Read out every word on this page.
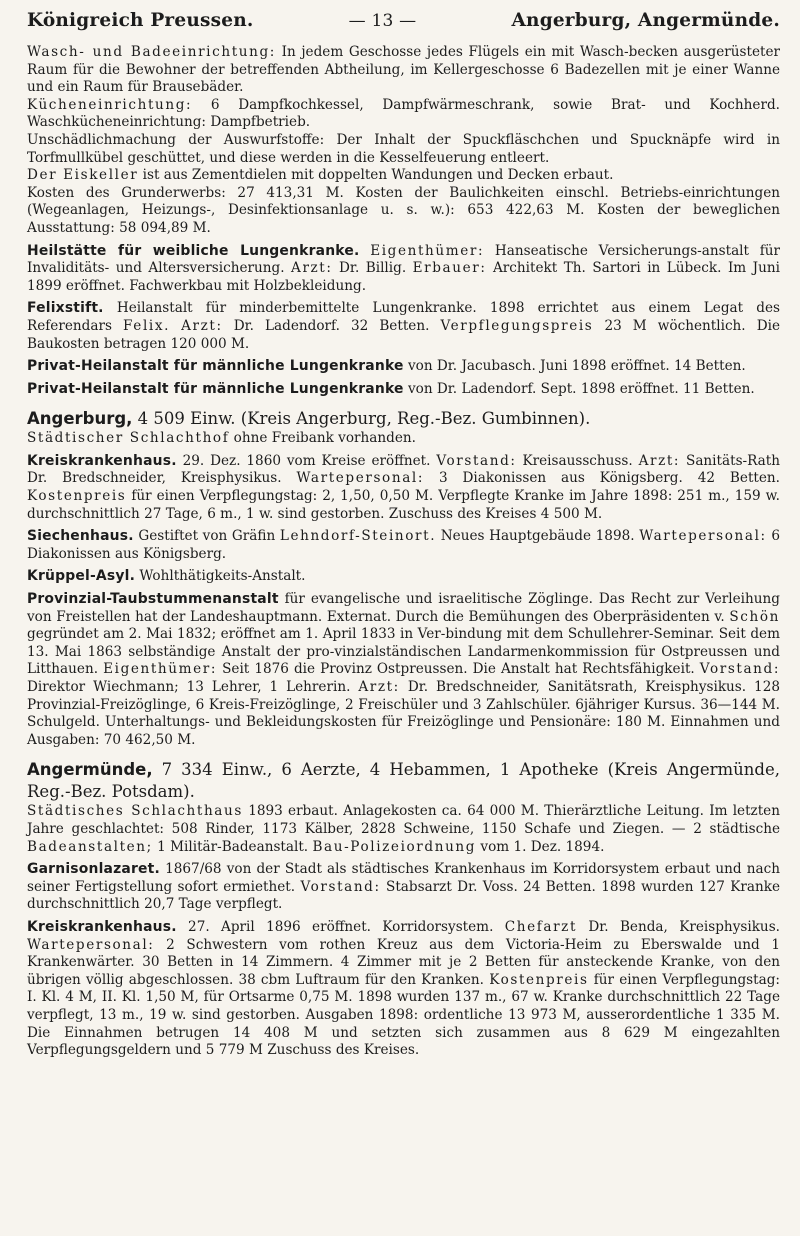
Königreich Preussen.	— 13 —	Angerburg, Angermünde.

Wasch- und Badeeinrichtung: In jedem Geschosse jedes Flügels ein mit Wasch-becken ausgerüsteter Raum für die Bewohner der betreffenden Abtheilung, im Kellergeschosse 6 Badezellen mit je einer Wanne und ein Raum für Brausebäder.

Kücheneinrichtung: 6 Dampfkochkessel, Dampfwärmeschrank, sowie Brat- und Kochherd. Waschkücheneinrichtung: Dampfbetrieb.

Unschädlichmachung der Auswurfstoffe: Der Inhalt der Spuckfläschchen und Spucknäpfe wird in Torfmullkübel geschüttet, und diese werden in die Kesselfeuerung entleert.

Der Eiskeller ist aus Zementdielen mit doppelten Wandungen und Decken erbaut.

Kosten des Grunderwerbs: 27 413,31 M. Kosten der Baulichkeiten einschl. Betriebs-einrichtungen (Wegeanlagen, Heizungs-, Desinfektionsanlage u. s. w.): 653 422,63 M. Kosten der beweglichen Ausstattung: 58 094,89 M.

Heilstätte für weibliche Lungenkranke. Eigenthümer: Hanseatische Versicherungs-anstalt für Invaliditäts- und Altersversicherung. Arzt: Dr. Billig. Erbauer: Architekt Th. Sartori in Lübeck. Im Juni 1899 eröffnet. Fachwerkbau mit Holzbekleidung.

Felixstift. Heilanstalt für minderbemittelte Lungenkranke. 1898 errichtet aus einem Legat des Referendars Felix. Arzt: Dr. Ladendorf. 32 Betten. Verpflegungspreis 23 M wöchentlich. Die Baukosten betragen 120 000 M.

Privat-Heilanstalt für männliche Lungenkranke von Dr. Jacubasch. Juni 1898 eröffnet. 14 Betten.

Privat-Heilanstalt für männliche Lungenkranke von Dr. Ladendorf. Sept. 1898 eröffnet. 11 Betten.

Angerburg, 4 509 Einw. (Kreis Angerburg, Reg.-Bez. Gumbinnen).

Städtischer Schlachthof ohne Freibank vorhanden.

Kreiskrankenhaus. 29. Dez. 1860 vom Kreise eröffnet. Vorstand: Kreisausschuss. Arzt: Sanitäts-Rath Dr. Bredschneider, Kreisphysikus. Wartepersonal: 3 Diakonissen aus Königsberg. 42 Betten. Kostenpreis für einen Verpflegungstag: 2, 1,50, 0,50 M. Verpflegte Kranke im Jahre 1898: 251 m., 159 w. durchschnittlich 27 Tage, 6 m., 1 w. sind gestorben. Zuschuss des Kreises 4 500 M.

Siechenhaus. Gestiftet von Gräfin Lehndorf-Steinort. Neues Hauptgebäude 1898. Wartepersonal: 6 Diakonissen aus Königsberg.

Krüppel-Asyl. Wohlthätigkeits-Anstalt.

Provinzial-Taubstummenanstalt für evangelische und israelitische Zöglinge. Das Recht zur Verleihung von Freistellen hat der Landeshauptmann. Externat. Durch die Bemühungen des Oberpräsidenten v. Schön gegründet am 2. Mai 1832; eröffnet am 1. April 1833 in Ver-bindung mit dem Schullehrer-Seminar. Seit dem 13. Mai 1863 selbständige Anstalt der pro-vinzialständischen Landarmenkommission für Ostpreussen und Litthauen. Eigenthümer: Seit 1876 die Provinz Ostpreussen. Die Anstalt hat Rechtsfähigkeit. Vorstand: Direktor Wiechmann; 13 Lehrer, 1 Lehrerin. Arzt: Dr. Bredschneider, Sanitätsrath, Kreisphysikus. 128 Provinzial-Freizöglinge, 6 Kreis-Freizöglinge, 2 Freischüler und 3 Zahlschüler. 6jähriger Kursus. 36—144 M. Schulgeld. Unterhaltungs- und Bekleidungskosten für Freizöglinge und Pensionäre: 180 M. Einnahmen und Ausgaben: 70 462,50 M.

Angermünde, 7 334 Einw., 6 Aerzte, 4 Hebammen, 1 Apotheke (Kreis Angermünde, Reg.-Bez. Potsdam).

Städtisches Schlachthaus 1893 erbaut. Anlagekosten ca. 64 000 M. Thierärztliche Leitung. Im letzten Jahre geschlachtet: 508 Rinder, 1173 Kälber, 2828 Schweine, 1150 Schafe und Ziegen. — 2 städtische Badeanstalten; 1 Militär-Badeanstalt. Bau-Polizeiordnung vom 1. Dez. 1894.

Garnisonlazaret. 1867/68 von der Stadt als städtisches Krankenhaus im Korridorsystem erbaut und nach seiner Fertigstellung sofort ermiethet. Vorstand: Stabsarzt Dr. Voss. 24 Betten. 1898 wurden 127 Kranke durchschnittlich 20,7 Tage verpflegt.

Kreiskrankenhaus. 27. April 1896 eröffnet. Korridorsystem. Chefarzt Dr. Benda, Kreisphysikus. Wartepersonal: 2 Schwestern vom rothen Kreuz aus dem Victoria-Heim zu Eberswalde und 1 Krankenwärter. 30 Betten in 14 Zimmern. 4 Zimmer mit je 2 Betten für ansteckende Kranke, von den übrigen völlig abgeschlossen. 38 cbm Luftraum für den Kranken. Kostenpreis für einen Verpflegungstag: I. Kl. 4 M, II. Kl. 1,50 M, für Ortsarme 0,75 M. 1898 wurden 137 m., 67 w. Kranke durchschnittlich 22 Tage verpflegt, 13 m., 19 w. sind gestorben. Ausgaben 1898: ordentliche 13 973 M, ausserordentliche 1 335 M. Die Einnahmen betrugen 14 408 M und setzten sich zusammen aus 8 629 M eingezahlten Verpflegungsgeldern und 5 779 M Zuschuss des Kreises.
